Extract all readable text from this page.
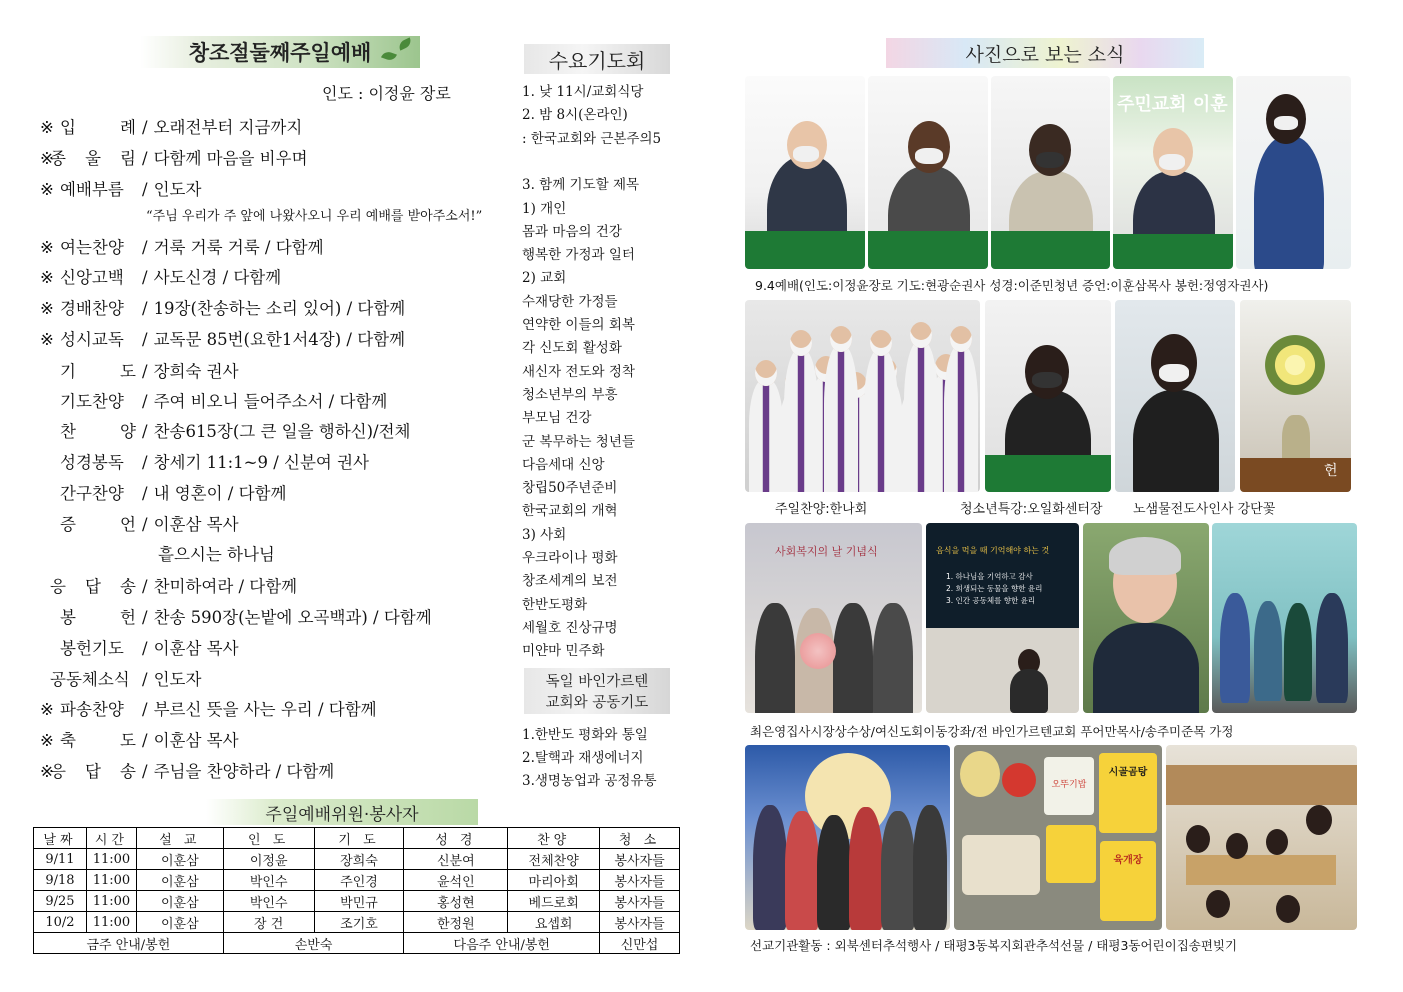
창조절둘째주일예배
인도 : 이정윤 장로
※ 입 례 / 오래전부터 지금까지
※종 울 림 / 다함께 마음을 비우며
※ 예배부름 / 인도자
※ 여는찬양 / 거룩 거룩 거룩 / 다함께
※ 신앙고백 / 사도신경 / 다함께
※ 경배찬양 / 19장(찬송하는 소리 있어) / 다함께
※ 성시교독 / 교독문 85번(요한1서4장) / 다함께
기 도 / 장희숙 권사
기도찬양 / 주여 비오니 들어주소서 / 다함께
찬 양 / 찬송615장(그 큰 일을 행하신)/전체
성경봉독 / 창세기 11:1~9 / 신분여 권사
간구찬양 / 내 영혼이 / 다함께
증 언 / 이훈삼 목사
응 답 송 / 찬미하여라 / 다함께
봉 헌 / 찬송 590장(논밭에 오곡백과) / 다함께
봉헌기도 / 이훈삼 목사
공동체소식 / 인도자
※ 파송찬양 / 부르신 뜻을 사는 우리 / 다함께
※ 축 도 / 이훈삼 목사
※응 답 송 / 주님을 찬양하라 / 다함께
“주님 우리가 주 앞에 나왔사오니 우리 예배를 받아주소서!”
흩으시는 하나님
수요기도회
1. 낮 11시/교회식당
2. 밤 8시(온라인)
: 한국교회와 근본주의5
3. 함께 기도할 제목
1) 개인
몸과 마음의 건강
행복한 가정과 일터
2) 교회
수재당한 가정들
연약한 이들의 회복
각 신도회 활성화
새신자 전도와 정착
청소년부의 부흥
부모님 건강
군 복무하는 청년들
다음세대 신앙
창립50주년준비
한국교회의 개혁
3) 사회
우크라이나 평화
창조세계의 보전
한반도평화
세월호 진상규명
미얀마 민주화
독일 바인가르텐
교회와 공동기도
1.한반도 평화와 통일
2.탈핵과 재생에너지
3.생명농업과 공정유통
주일예배위원·봉사자
날짜	시간	설 교	인 도	기 도	성 경	찬양	청 소
9/11	11:00	이훈삼	이정윤	장희숙	신분여	전체찬양	봉사자들
9/18	11:00	이훈삼	박인수	주인경	윤석인	마리아회	봉사자들
9/25	11:00	이훈삼	박인수	박민규	홍성현	베드로회	봉사자들
10/2	11:00	이훈삼	장 건	조기호	한정원	요셉회	봉사자들
금주 안내/봉헌			손반숙		다음주 안내/봉헌		신만섭
사진으로 보는 소식
주민교회 이훈
9.4예배(인도:이정윤장로 기도:현광순권사 성경:이준민청년 증언:이훈삼목사 봉헌:정영자권사)
헌
주일찬양:한나회	청소년특강:오일화센터장 노샘물전도사인사 강단꽃
사회복지의 날 기념식	음식을 먹을 때 기억해야 하는 것
1. 하나님을 기억하고 감사
2. 희생되는 동물을 향한 윤리
3. 인간 공동체를 향한 윤리
최은영집사시장상수상/여신도회이동강좌/전 바인가르텐교회 푸어만목사/송주미준목 가정
오뚜기밥
시골곰탕
육개장
선교기관활동 : 외북센터추석행사 / 태평3동복지회관추석선물 / 태평3동어린이집송편빚기
